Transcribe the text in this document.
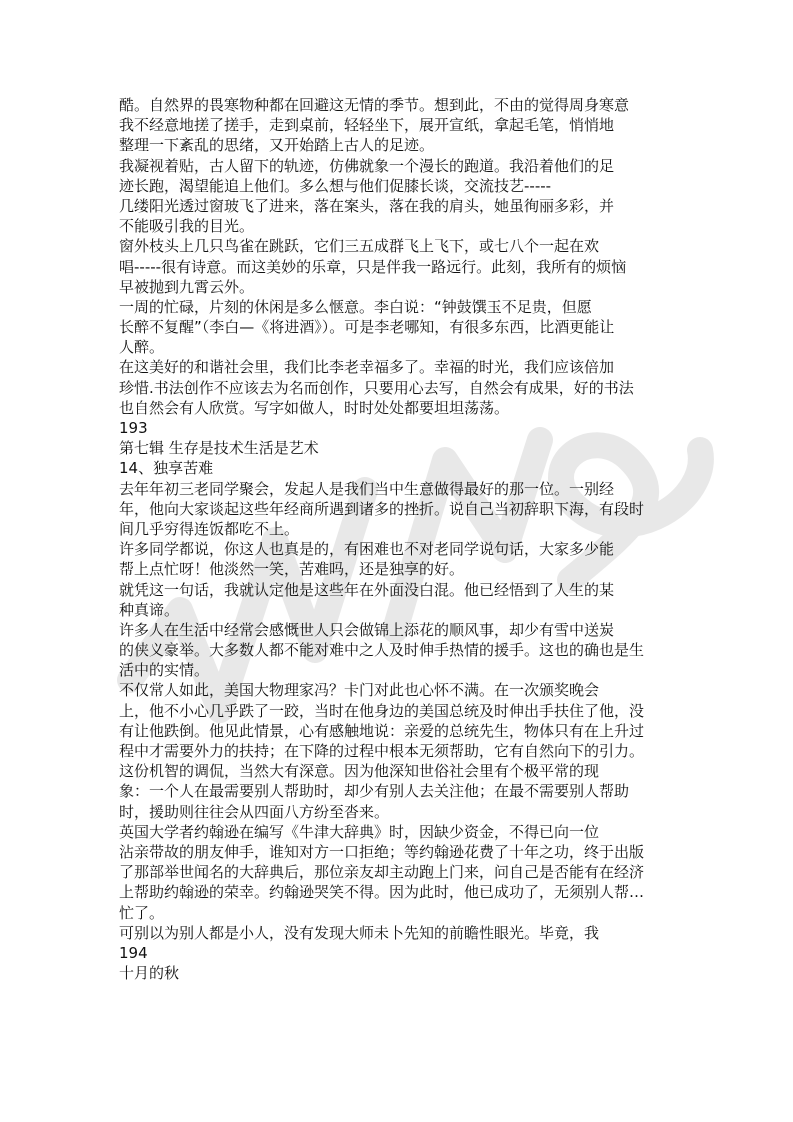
酷。自然界的畏寒物种都在回避这无情的季节。想到此，不由的觉得周身寒意
我不经意地搓了搓手，走到桌前，轻轻坐下，展开宣纸，拿起毛笔，悄悄地
整理一下紊乱的思绪，又开始踏上古人的足迹。
我凝视着贴，古人留下的轨迹，仿佛就象一个漫长的跑道。我沿着他们的足
迹长跑，渴望能追上他们。多么想与他们促膝长谈，交流技艺-----
几缕阳光透过窗玻飞了进来，落在案头，落在我的肩头，她虽徇丽多彩，并
不能吸引我的目光。
窗外枝头上几只鸟雀在跳跃，它们三五成群飞上飞下，或七八个一起在欢
唱-----很有诗意。而这美妙的乐章，只是伴我一路远行。此刻，我所有的烦恼
早被抛到九霄云外。
一周的忙碌，片刻的休闲是多么惬意。李白说：“钟鼓馔玉不足贵，但愿
长醉不复醒”（李白—《将进酒》）。可是李老哪知，有很多东西，比酒更能让
人醉。
在这美好的和谐社会里，我们比李老幸福多了。幸福的时光，我们应该倍加
珍惜.书法创作不应该去为名而创作，只要用心去写，自然会有成果，好的书法
也自然会有人欣赏。写字如做人，时时处处都要坦坦荡荡。
193
第七辑 生存是技术生活是艺术
14、独享苦难
去年年初三老同学聚会，发起人是我们当中生意做得最好的那一位。一别经
年，他向大家谈起这些年经商所遇到诸多的挫折。说自己当初辞职下海，有段时
间几乎穷得连饭都吃不上。
许多同学都说，你这人也真是的，有困难也不对老同学说句话，大家多少能
帮上点忙呀！他淡然一笑，苦难吗，还是独享的好。
就凭这一句话，我就认定他是这些年在外面没白混。他已经悟到了人生的某
种真谛。
许多人在生活中经常会感慨世人只会做锦上添花的顺风事，却少有雪中送炭
的侠义豪举。大多数人都不能对难中之人及时伸手热情的援手。这也的确也是生
活中的实情。
不仅常人如此，美国大物理家冯？卡门对此也心怀不满。在一次颁奖晚会
上，他不小心几乎跌了一跤，当时在他身边的美国总统及时伸出手扶住了他，没
有让他跌倒。他见此情景，心有感触地说：亲爱的总统先生，物体只有在上升过
程中才需要外力的扶持；在下降的过程中根本无须帮助，它有自然向下的引力。
这份机智的调侃，当然大有深意。因为他深知世俗社会里有个极平常的现
象：一个人在最需要别人帮助时，却少有别人去关注他；在最不需要别人帮助
时，援助则往往会从四面八方纷至沓来。
英国大学者约翰逊在编写《牛津大辞典》时，因缺少资金，不得已向一位
沾亲带故的朋友伸手，谁知对方一口拒绝；等约翰逊花费了十年之功，终于出版
了那部举世闻名的大辞典后，那位亲友却主动跑上门来，问自己是否能有在经济
上帮助约翰逊的荣幸。约翰逊哭笑不得。因为此时，他已成功了，无须别人帮…
忙了。
可别以为别人都是小人，没有发现大师未卜先知的前瞻性眼光。毕竟，我
194
十月的秋
